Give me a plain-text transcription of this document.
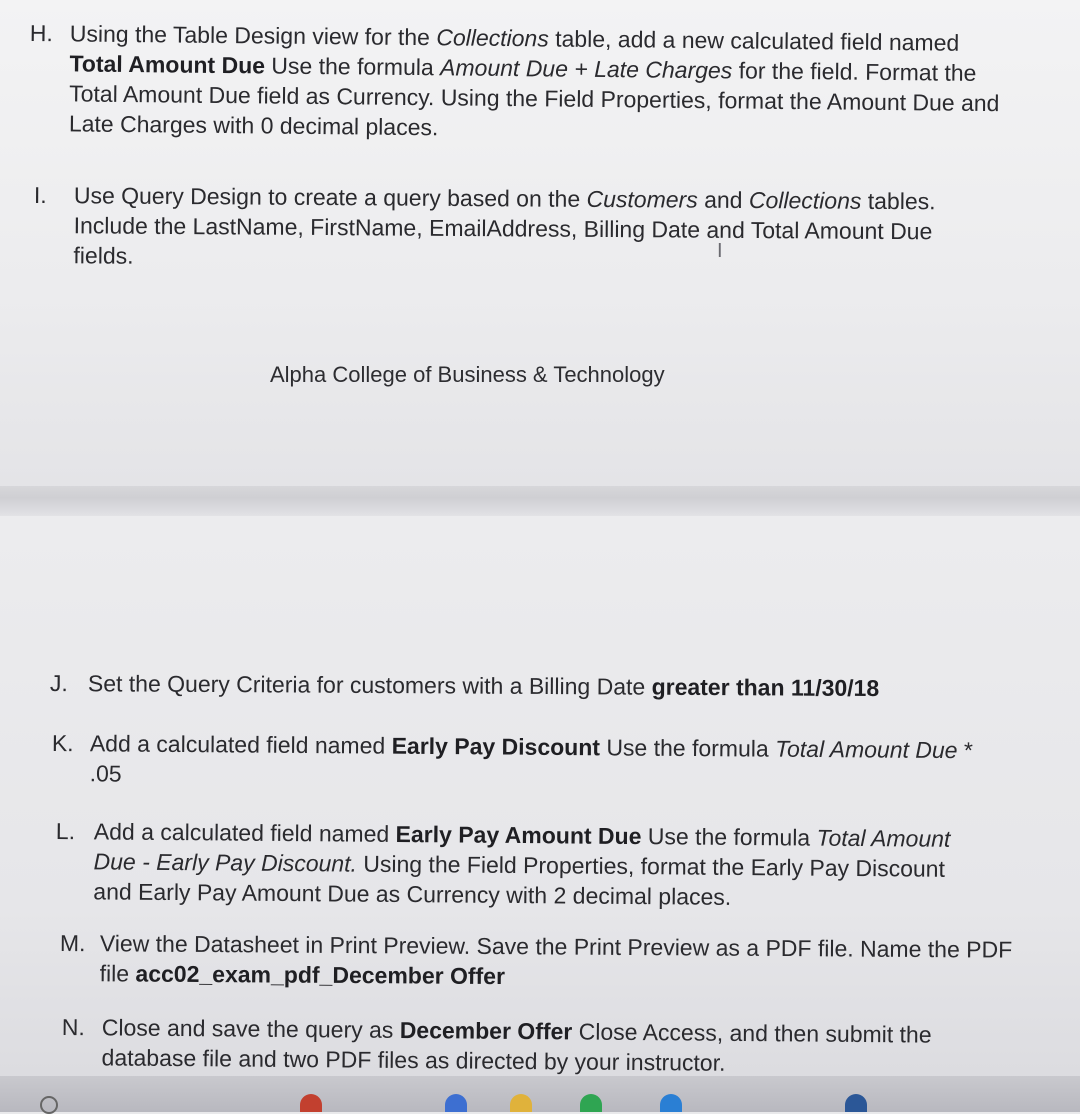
H. Using the Table Design view for the Collections table, add a new calculated field named Total Amount Due Use the formula Amount Due + Late Charges for the field. Format the Total Amount Due field as Currency. Using the Field Properties, format the Amount Due and Late Charges with 0 decimal places.
I.	Use Query Design to create a query based on the Customers and Collections tables. Include the LastName, FirstName, EmailAddress, Billing Date and Total Amount Due fields.	I
Alpha College of Business & Technology
J. Set the Query Criteria for customers with a Billing Date greater than 11/30/18
K. Add a calculated field named Early Pay Discount Use the formula Total Amount Due * .05
L. Add a calculated field named Early Pay Amount Due Use the formula Total Amount Due - Early Pay Discount. Using the Field Properties, format the Early Pay Discount and Early Pay Amount Due as Currency with 2 decimal places.
M. View the Datasheet in Print Preview. Save the Print Preview as a PDF file. Name the PDF file acc02_exam_pdf_December Offer
N. Close and save the query as December Offer Close Access, and then submit the database file and two PDF files as directed by your instructor.
